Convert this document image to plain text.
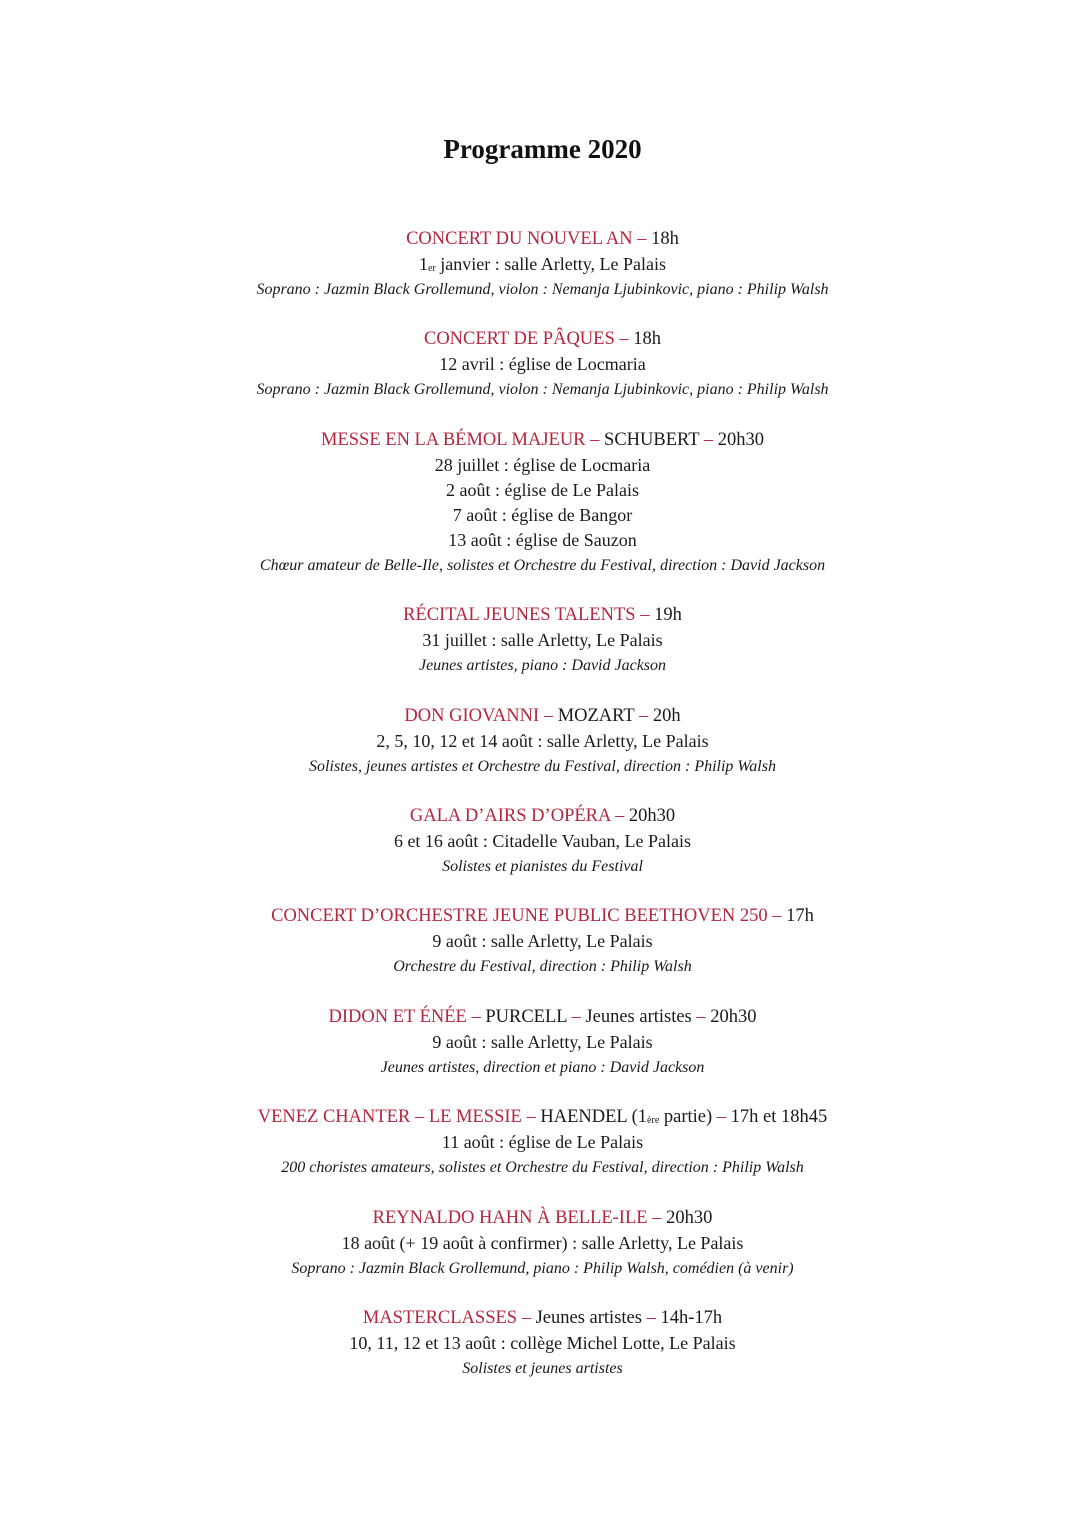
Programme 2020
CONCERT DU NOUVEL AN – 18h
1er janvier : salle Arletty, Le Palais
Soprano : Jazmin Black Grollemund, violon : Nemanja Ljubinkovic, piano : Philip Walsh
CONCERT DE PÂQUES – 18h
12 avril : église de Locmaria
Soprano : Jazmin Black Grollemund, violon : Nemanja Ljubinkovic, piano : Philip Walsh
MESSE EN LA BÉMOL MAJEUR – SCHUBERT – 20h30
28 juillet : église de Locmaria
2 août : église de Le Palais
7 août : église de Bangor
13 août : église de Sauzon
Chœur amateur de Belle-Ile, solistes et Orchestre du Festival, direction : David Jackson
RÉCITAL JEUNES TALENTS – 19h
31 juillet : salle Arletty, Le Palais
Jeunes artistes, piano : David Jackson
DON GIOVANNI – MOZART – 20h
2, 5, 10, 12 et 14 août : salle Arletty, Le Palais
Solistes, jeunes artistes et Orchestre du Festival, direction : Philip Walsh
GALA D’AIRS D’OPÉRA – 20h30
6 et 16 août : Citadelle Vauban, Le Palais
Solistes et pianistes du Festival
CONCERT D’ORCHESTRE JEUNE PUBLIC BEETHOVEN 250 – 17h
9 août : salle Arletty, Le Palais
Orchestre du Festival, direction : Philip Walsh
DIDON ET ÉNÉE – PURCELL – Jeunes artistes – 20h30
9 août : salle Arletty, Le Palais
Jeunes artistes, direction et piano : David Jackson
VENEZ CHANTER – LE MESSIE – HAENDEL (1ère partie) – 17h et 18h45
11 août : église de Le Palais
200 choristes amateurs, solistes et Orchestre du Festival, direction : Philip Walsh
REYNALDO HAHN À BELLE-ILE – 20h30
18 août (+ 19 août à confirmer) : salle Arletty, Le Palais
Soprano : Jazmin Black Grollemund, piano : Philip Walsh, comédien (à venir)
MASTERCLASSES – Jeunes artistes – 14h-17h
10, 11, 12 et 13 août : collège Michel Lotte, Le Palais
Solistes et jeunes artistes
